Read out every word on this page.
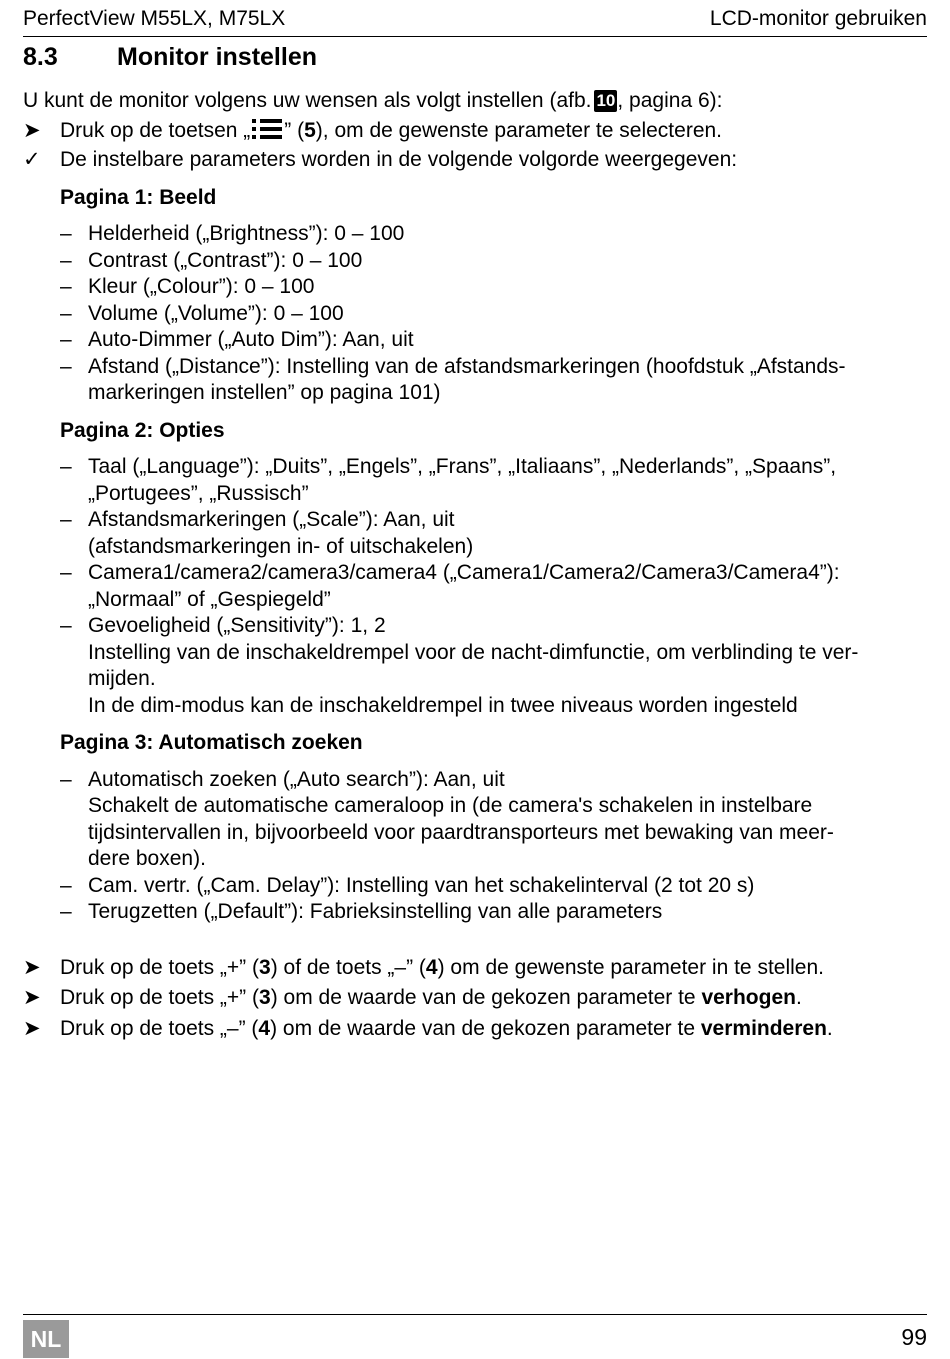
PerfectView M55LX, M75LX	LCD-monitor gebruiken
8.3 Monitor instellen

U kunt de monitor volgens uw wensen als volgt instellen (afb. 10, pagina 6):

➤ Druk op de toetsen „ ” (5), om de gewenste parameter te selecteren.
✓ De instelbare parameters worden in de volgende volgorde weergegeven:
Pagina 1: Beeld
– Helderheid („Brightness”): 0 – 100
– Contrast („Contrast”): 0 – 100
– Kleur („Colour”): 0 – 100
– Volume („Volume”): 0 – 100
– Auto-Dimmer („Auto Dim”): Aan, uit
– Afstand („Distance”): Instelling van de afstandsmarkeringen (hoofdstuk „Afstands-
markeringen instellen” op pagina 101)
Pagina 2: Opties
– Taal („Language”): „Duits”, „Engels”, „Frans”, „Italiaans”, „Nederlands”, „Spaans”,
„Portugees”, „Russisch”
– Afstandsmarkeringen („Scale”): Aan, uit
(afstandsmarkeringen in- of uitschakelen)
– Camera1/camera2/camera3/camera4 („Camera1/Camera2/Camera3/Camera4”):
„Normaal” of „Gespiegeld”
– Gevoeligheid („Sensitivity”): 1, 2
Instelling van de inschakeldrempel voor de nacht-dimfunctie, om verblinding te ver-
mijden.
In de dim-modus kan de inschakeldrempel in twee niveaus worden ingesteld
Pagina 3: Automatisch zoeken
– Automatisch zoeken („Auto search”): Aan, uit
Schakelt de automatische cameraloop in (de camera's schakelen in instelbare
tijdsintervallen in, bijvoorbeeld voor paardtransporteurs met bewaking van meer-
dere boxen).
– Cam. vertr. („Cam. Delay”): Instelling van het schakelinterval (2 tot 20 s)
– Terugzetten („Default”): Fabrieksinstelling van alle parameters
➤ Druk op de toets „+” (3) of de toets „–” (4) om de gewenste parameter in te stellen.
➤ Druk op de toets „+” (3) om de waarde van de gekozen parameter te verhogen.
➤ Druk op de toets „–” (4) om de waarde van de gekozen parameter te verminderen.
NL	99
